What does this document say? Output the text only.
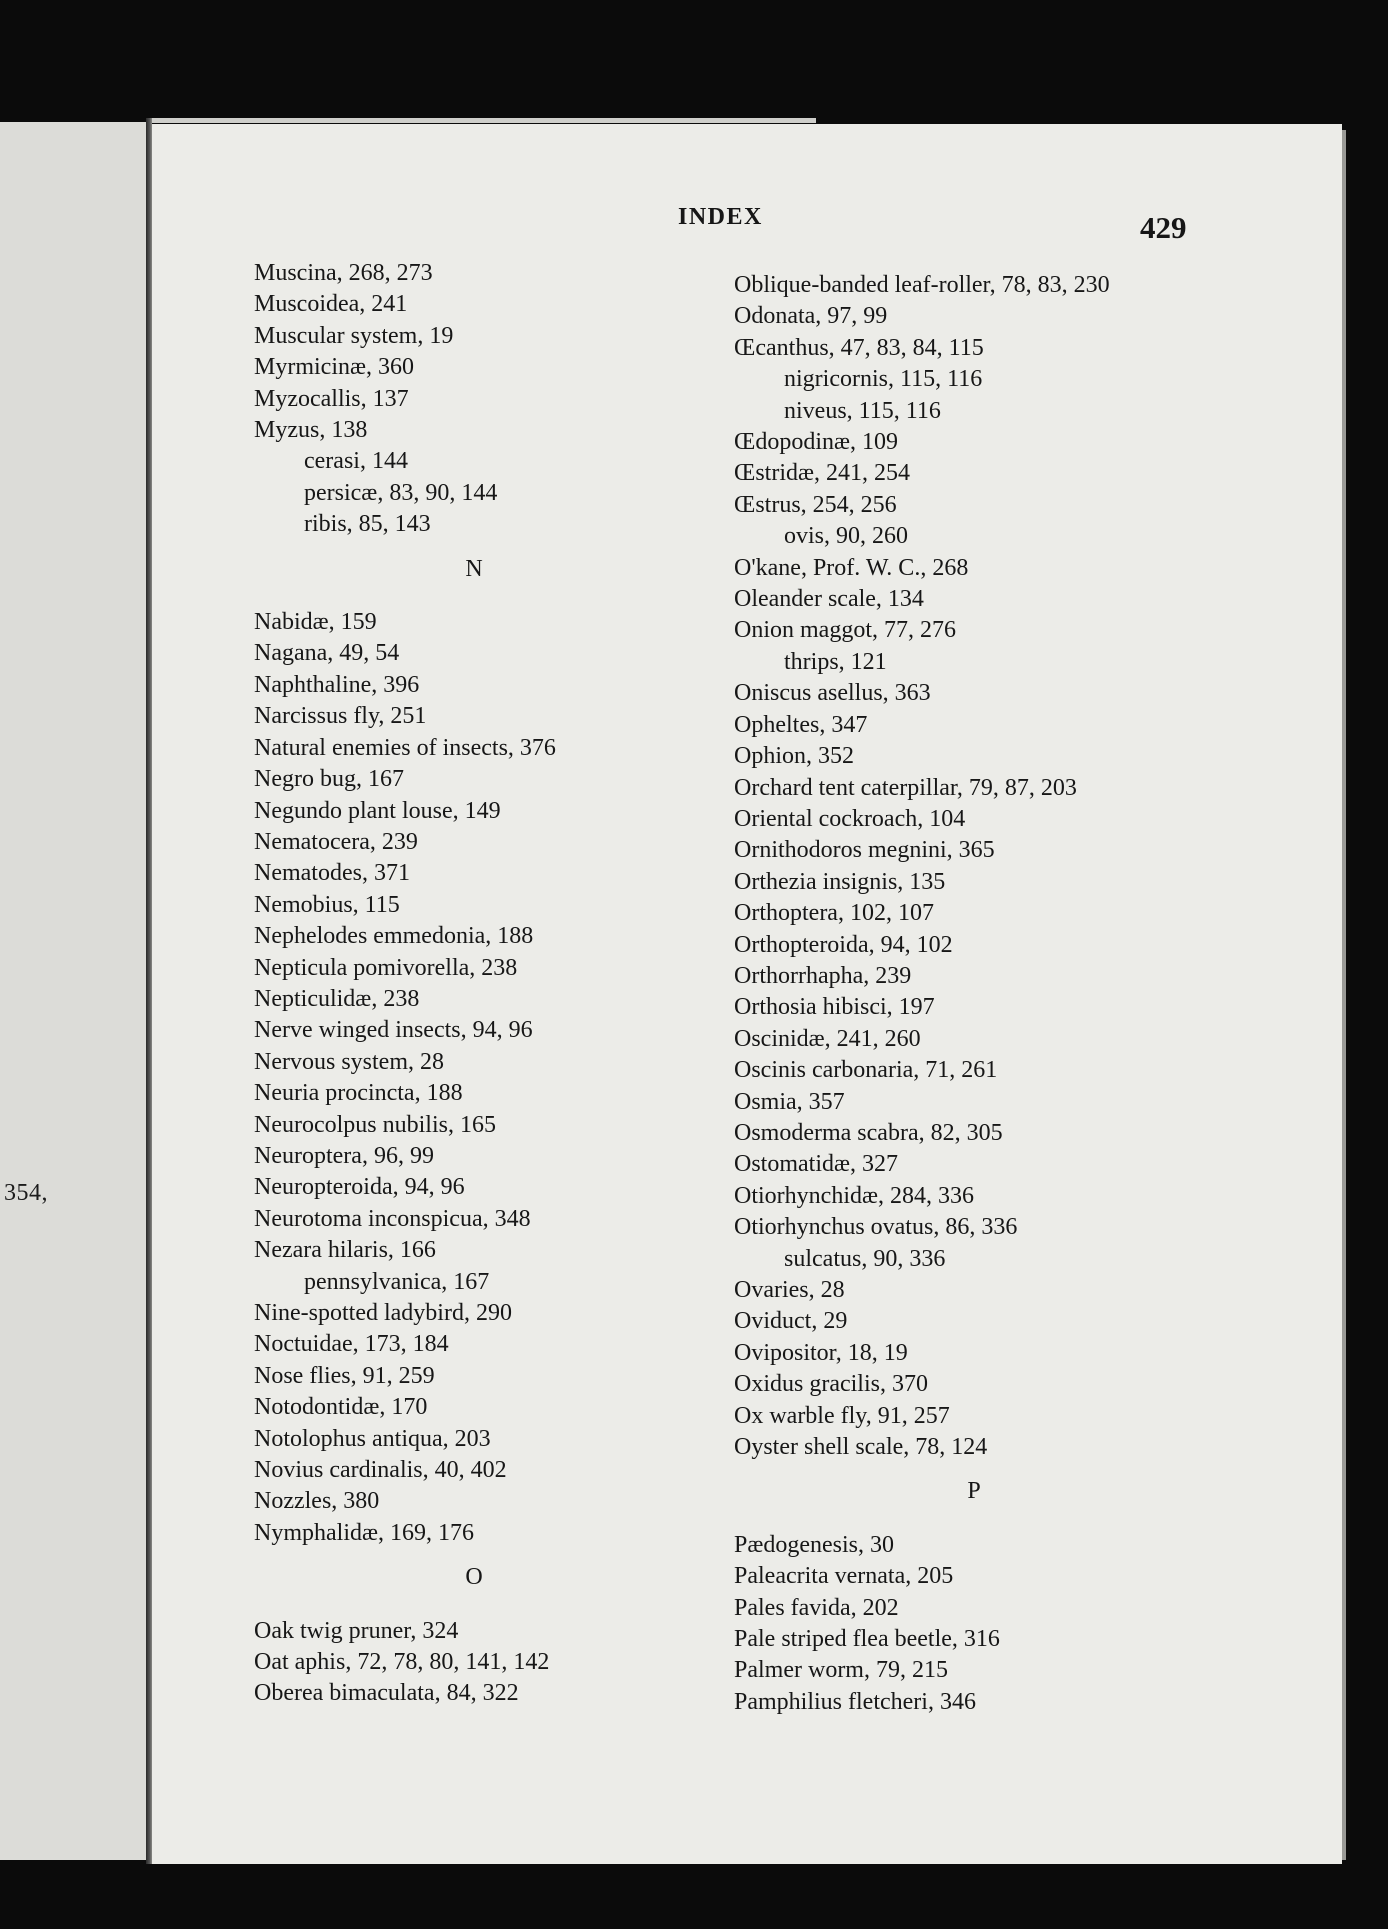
354,
INDEX	429
Muscina, 268, 273
Muscoidea, 241
Muscular system, 19
Myrmicinæ, 360
Myzocallis, 137
Myzus, 138
cerasi, 144
persicæ, 83, 90, 144
ribis, 85, 143
N
Nabidæ, 159
Nagana, 49, 54
Naphthaline, 396
Narcissus fly, 251
Natural enemies of insects, 376
Negro bug, 167
Negundo plant louse, 149
Nematocera, 239
Nematodes, 371
Nemobius, 115
Nephelodes emmedonia, 188
Nepticula pomivorella, 238
Nepticulidæ, 238
Nerve winged insects, 94, 96
Nervous system, 28
Neuria procincta, 188
Neurocolpus nubilis, 165
Neuroptera, 96, 99
Neuropteroida, 94, 96
Neurotoma inconspicua, 348
Nezara hilaris, 166
pennsylvanica, 167
Nine-spotted ladybird, 290
Noctuidae, 173, 184
Nose flies, 91, 259
Notodontidæ, 170
Notolophus antiqua, 203
Novius cardinalis, 40, 402
Nozzles, 380
Nymphalidæ, 169, 176
O
Oak twig pruner, 324
Oat aphis, 72, 78, 80, 141, 142
Oberea bimaculata, 84, 322
Oblique-banded leaf-roller, 78, 83, 230
Odonata, 97, 99
Œcanthus, 47, 83, 84, 115
nigricornis, 115, 116
niveus, 115, 116
Œdopodinæ, 109
Œstridæ, 241, 254
Œstrus, 254, 256
ovis, 90, 260
O'kane, Prof. W. C., 268
Oleander scale, 134
Onion maggot, 77, 276
thrips, 121
Oniscus asellus, 363
Opheltes, 347
Ophion, 352
Orchard tent caterpillar, 79, 87, 203
Oriental cockroach, 104
Ornithodoros megnini, 365
Orthezia insignis, 135
Orthoptera, 102, 107
Orthopteroida, 94, 102
Orthorrhapha, 239
Orthosia hibisci, 197
Oscinidæ, 241, 260
Oscinis carbonaria, 71, 261
Osmia, 357
Osmoderma scabra, 82, 305
Ostomatidæ, 327
Otiorhynchidæ, 284, 336
Otiorhynchus ovatus, 86, 336
sulcatus, 90, 336
Ovaries, 28
Oviduct, 29
Ovipositor, 18, 19
Oxidus gracilis, 370
Ox warble fly, 91, 257
Oyster shell scale, 78, 124
P
Pædogenesis, 30
Paleacrita vernata, 205
Pales favida, 202
Pale striped flea beetle, 316
Palmer worm, 79, 215
Pamphilius fletcheri, 346
